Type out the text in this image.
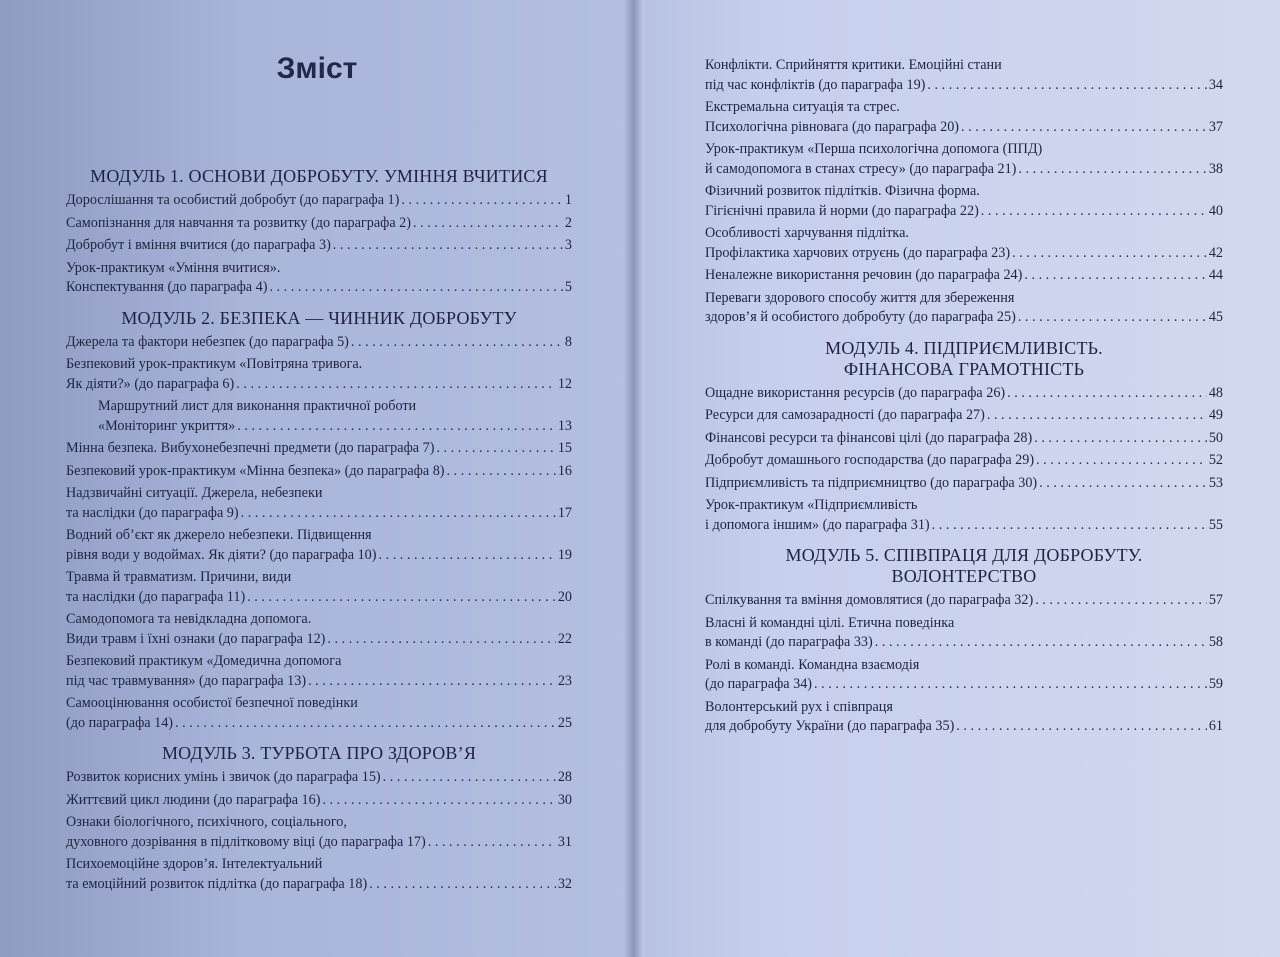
Зміст
МОДУЛЬ 1. ОСНОВИ ДОБРОБУТУ. УМІННЯ ВЧИТИСЯ
Дорослішання та особистий добробут (до параграфа 1) . . .	1
Самопізнання для навчання та розвитку (до параграфа 2) . . .	2
Добробут і вміння вчитися (до параграфа 3) . . .	3
Урок-практикум «Уміння вчитися».
Конспектування (до параграфа 4) . . .	5
МОДУЛЬ 2. БЕЗПЕКА — ЧИННИК ДОБРОБУТУ
Джерела та фактори небезпек (до параграфа 5) . . .	8
Безпековий урок-практикум «Повітряна тривога.
Як діяти?» (до параграфа 6) . . .	12
Маршрутний лист для виконання практичної роботи
«Моніторинг укриття» . . .	13
Мінна безпека. Вибухонебезпечні предмети (до параграфа 7) . . .	15
Безпековий урок-практикум «Мінна безпека» (до параграфа 8) . . .	16
Надзвичайні ситуації. Джерела, небезпеки
та наслідки (до параграфа 9) . . .	17
Водний об’єкт як джерело небезпеки. Підвищення
рівня води у водоймах. Як діяти? (до параграфа 10) . . .	19
Травма й травматизм. Причини, види
та наслідки (до параграфа 11) . . .	20
Самодопомога та невідкладна допомога.
Види травм і їхні ознаки (до параграфа 12) . . .	22
Безпековий практикум «Домедична допомога
під час травмування» (до параграфа 13) . . .	23
Самооцінювання особистої безпечної поведінки
(до параграфа 14) . . .	25
МОДУЛЬ 3. ТУРБОТА ПРО ЗДОРОВ’Я
Розвиток корисних умінь і звичок (до параграфа 15) . . .	28
Життєвий цикл людини (до параграфа 16) . . .	30
Ознаки біологічного, психічного, соціального,
духовного дозрівання в підлітковому віці (до параграфа 17) . . .	31
Психоемоційне здоров’я. Інтелектуальний
та емоційний розвиток підлітка (до параграфа 18) . . .	32
Конфлікти. Сприйняття критики. Емоційні стани
під час конфліктів (до параграфа 19) . . .	34
Екстремальна ситуація та стрес.
Психологічна рівновага (до параграфа 20) . . .	37
Урок-практикум «Перша психологічна допомога (ППД)
й самодопомога в станах стресу» (до параграфа 21) . . .	38
Фізичний розвиток підлітків. Фізична форма.
Гігієнічні правила й норми (до параграфа 22) . . .	40
Особливості харчування підлітка.
Профілактика харчових отруєнь (до параграфа 23) . . .	42
Неналежне використання речовин (до параграфа 24) . . .	44
Переваги здорового способу життя для збереження
здоров’я й особистого добробуту (до параграфа 25) . . .	45
МОДУЛЬ 4. ПІДПРИЄМЛИВІСТЬ.
ФІНАНСОВА ГРАМОТНІСТЬ
Ощадне використання ресурсів (до параграфа 26) . . .	48
Ресурси для самозарадності (до параграфа 27) . . .	49
Фінансові ресурси та фінансові цілі (до параграфа 28) . . .	50
Добробут домашнього господарства (до параграфа 29) . . .	52
Підприємливість та підприємництво (до параграфа 30) . . .	53
Урок-практикум «Підприємливість
і допомога іншим» (до параграфа 31) . . .	55
МОДУЛЬ 5. СПІВПРАЦЯ ДЛЯ ДОБРОБУТУ.
ВОЛОНТЕРСТВО
Спілкування та вміння домовлятися (до параграфа 32) . . .	57
Власні й командні цілі. Етична поведінка
в команді (до параграфа 33) . . .	58
Ролі в команді. Командна взаємодія
(до параграфа 34) . . .	59
Волонтерський рух і співпраця
для добробуту України (до параграфа 35) . . .	61
